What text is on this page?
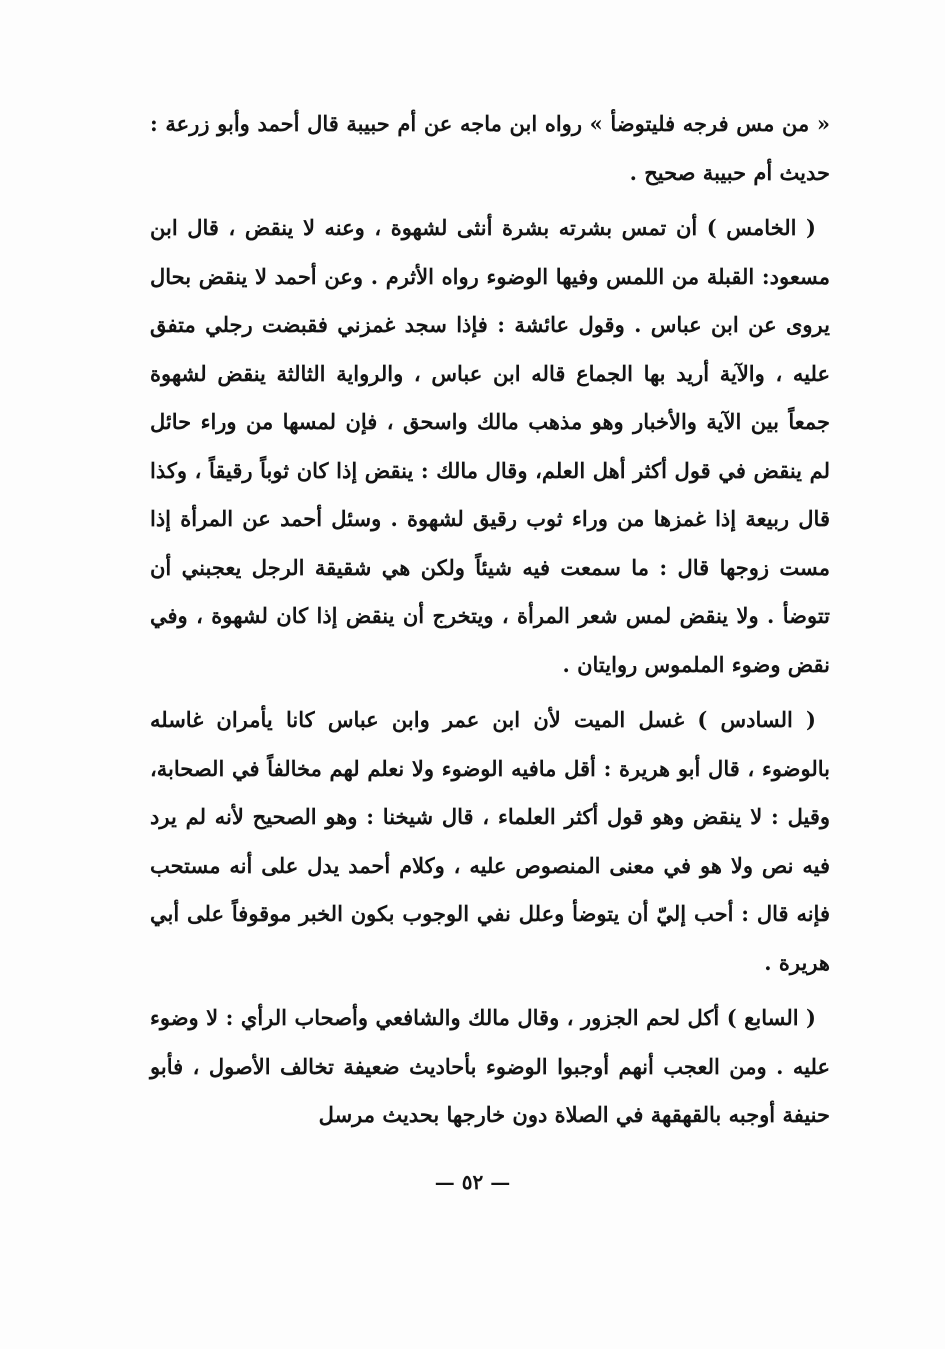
« من مس فرجه فليتوضأ » رواه ابن ماجه عن أم حبيبة قال أحمد وأبو زرعة : حديث أم حبيبة صحيح .

( الخامس ) أن تمس بشرته بشرة أنثى لشهوة ، وعنه لا ينقض ، قال ابن مسعود: القبلة من اللمس وفيها الوضوء رواه الأثرم . وعن أحمد لا ينقض بحال يروى عن ابن عباس . وقول عائشة : فإذا سجد غمزني فقبضت رجلي متفق عليه ، والآية أريد بها الجماع قاله ابن عباس ، والرواية الثالثة ينقض لشهوة جمعاً بين الآية والأخبار وهو مذهب مالك واسحق ، فإن لمسها من وراء حائل لم ينقض في قول أكثر أهل العلم، وقال مالك : ينقض إذا كان ثوباً رقيقاً ، وكذا قال ربيعة إذا غمزها من وراء ثوب رقيق لشهوة . وسئل أحمد عن المرأة إذا مست زوجها قال : ما سمعت فيه شيئاً ولكن هي شقيقة الرجل يعجبني أن تتوضأ . ولا ينقض لمس شعر المرأة ، ويتخرج أن ينقض إذا كان لشهوة ، وفي نقض وضوء الملموس روايتان .

( السادس ) غسل الميت لأن ابن عمر وابن عباس كانا يأمران غاسله بالوضوء ، قال أبو هريرة : أقل مافيه الوضوء ولا نعلم لهم مخالفاً في الصحابة، وقيل : لا ينقض وهو قول أكثر العلماء ، قال شيخنا : وهو الصحيح لأنه لم يرد فيه نص ولا هو في معنى المنصوص عليه ، وكلام أحمد يدل على أنه مستحب فإنه قال : أحب إليّ أن يتوضأ وعلل نفي الوجوب بكون الخبر موقوفاً على أبي هريرة .

( السابع ) أكل لحم الجزور ، وقال مالك والشافعي وأصحاب الرأي : لا وضوء عليه . ومن العجب أنهم أوجبوا الوضوء بأحاديث ضعيفة تخالف الأصول ، فأبو حنيفة أوجبه بالقهقهة في الصلاة دون خارجها بحديث مرسل

— ٥٢ —
